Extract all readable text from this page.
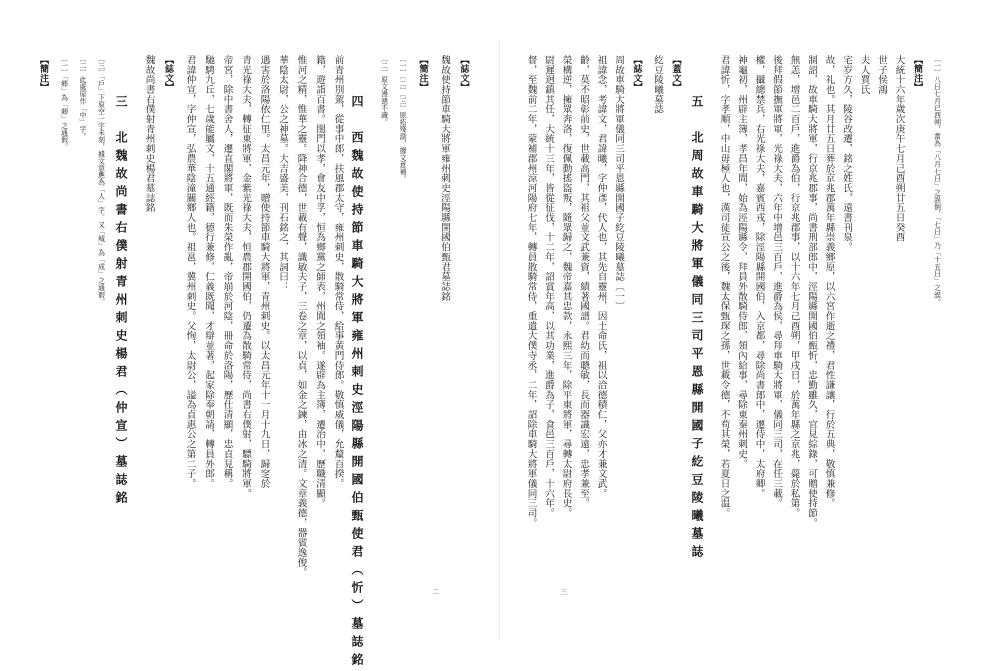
【誌文】
魏故使持節車騎大將軍雍州刺史涇陽縣開國伯甄君墓誌銘
【簡注】
〔一〕〔二〕〔三〕原拓殘泐，據文意補。
〔二〕原文漫漶不識。
四　西魏故使持節車騎大將軍雍州刺史涇陽縣開國伯甄使君（忻）墓誌銘
前青州別駕，從事中郎，扶風郡太守，雍州刺史，散騎常侍，給事黃門侍郎。敬慎威儀，允釐百揆。
籍，遊詣百書。閨門以孝，會友中孚，恒為鄉黨之師表，州閭之領袖。遂辟為主簿，遷治中，歷職清顯。
惟河之精，惟華之靈。降神合德，世載有聲，識敏夫子，三卷之章，以貞，如金之鍊，由冰之清。文章義德，器賓逸俊。
華陰太尉，公之神墓。大吉盛美，刊石銘之，其詞曰：
遇害於洛陽依仁里。太昌元年，贈使持節車騎大將軍，青州刺史。以太昌元年十一月十九日，歸窆於
青光祿大夫，轉征東將軍，金紫光祿大夫，恒農郡開國伯，仍遷為散騎常侍，尚書右僕射，驃騎將軍。
帝宮，除中書舍人，遷直閣將軍，既而朱榮作亂，帝崩於河陰，冊命於洛陽，歷仕清顯，忠貞見稱。
馳騁九丘，七歲能屬文，十五通經籍，德行兼修，仁義既聞，才辯並著，起家除奉朝請，轉員外郎。
君諱仲宣，字仲宣，弘農華陰潼關鄉人也。祖邕，冀州刺史。父恂，太尉公，謚為貞惠公之第二子。
【誌文】
魏故尚書右僕射青州刺史楊君墓誌銘
三　北魏故尚書右僕射青州刺史楊君（仲宣）墓誌銘
〔三〕「戶」下原空一字未刻，據文意應為「人」字。又「城」為「成」之通假。
〔二〕此處原作「中」字。
〔一〕「鄉」為「卿」之通假。
【簡注】
二
〔一〕八日七月已西朔，當為「八月七日」之誤倒，「七日」乃「十五日」之誤。
【簡注】
大統十六年歲次庚午七月己酉朔廿五日癸酉
世子侯鴻
夫人賈氏
宅岁方久，陵谷改遷，銘之姓氏，遠書刊泉。
故，礼也。其月廿五日葬於京兆郡萬年縣崇義鄉原，以六宮作逝之禮，君性謙讓，行於五典，敬慎兼修。
制詔，故車騎大將軍，行京兆郡事，尚書刑部郎中，涇陽縣開國伯甄忻，忠勤雖久，官見綜錄，可贈使持節。
無恙，增邑二百戶，進爵為伯，行京兆郡事，以十六年七月己酉朔，甲戌日，於萬年縣之京兆，薨於私第。
後拜假節撫軍將軍，光祿大夫，六年中增邑三百戶，進爵為侯，尋拜車騎大將軍，儀同三司，在任三載。
權，攝總禁兵，右光祿大夫，嘉賓西戎，除涇陽縣開國伯，入京都，尋除尚書郎中，遷侍中，太府卿。
神龜初，州辟主簿，孝昌年間，始為涇陽縣令，拜員外散騎侍郎，領內給事，尋除東秦州刺史。
君諱忻，字孝順，中山毋極人也，漢司徒宣公之後，魏太保甄琛之孫，世載令德，不苟其榮，若夏日之温。
五　北周故車騎大將軍儀同三司平恩縣開國子紇豆陵曦墓誌
【蓋文】
紇豆陵曦墓誌
【誌文】
周故車騎大將軍儀同三司平恩縣開國子紇豆陵曦墓誌〔一〕
祖諱念，考諱文，君諱曦，字仲彥，代人也，其先自靈州，因土命氏，祖以洽德積仁，父亦才兼文武。
齡，莫不昭彰前史，世載高門，其祖父並文武兼資，績著國譜。君幼而聰敏，長而器識宏遠，忠孝兼至。
榮構逆，擁眾奔洛，復佩動搖盜叛，隨眾歸之，魏帝嘉其忠款，永熙三年，除平東將軍，尋轉太尉府長史。
尉遲迥鎮其任，大統十三年，皆從征伐，十二年，詔賞年高，以其功業，進爵為子，食邑三百戶，十六年。
督，至魏前二年，蒙補郡州涼河陽府七年，轉員散騎常侍，重遣大僕寺丞，二年，詔除車騎大將軍儀同三司。
三
